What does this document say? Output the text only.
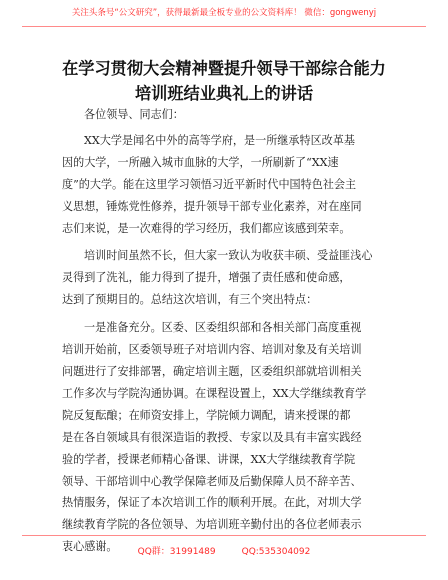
关注头条号“公文研究”，获得最新最全板专业的公文资料库！ 微信：gongwenyj
在学习贯彻大会精神暨提升领导干部综合能力
培训班结业典礼上的讲话

各位领导、同志们：

XX大学是闻名中外的高等学府，是一所继承特区改革基
因的大学，一所融入城市血脉的大学，一所刷新了“XX速
度”的大学。能在这里学习领悟习近平新时代中国特色社会主
义思想，锤炼党性修养，提升领导干部专业化素养，对在座同
志们来说，是一次难得的学习经历，我们都应该感到荣幸。

培训时间虽然不长，但大家一致认为收获丰硕、受益匪浅心
灵得到了洗礼，能力得到了提升，增强了责任感和使命感，
达到了预期目的。总结这次培训，有三个突出特点：

一是准备充分。区委、区委组织部和各相关部门高度重视
培训开始前，区委领导班子对培训内容、培训对象及有关培训
问题进行了安排部署，确定培训主题，区委组织部就培训相关
工作多次与学院沟通协调。在课程设置上，XX大学继续教育学
院反复酝酿；在师资安排上，学院倾力调配，请来授课的都
是在各自领域具有很深造诣的教授、专家以及具有丰富实践经
验的学者，授课老师精心备课、讲课，XX大学继续教育学院
领导、干部培训中心教学保障老师及后勤保障人员不辞辛苦、
热情服务，保证了本次培训工作的顺利开展。在此，对圳大学
继续教育学院的各位领导、为培训班辛勤付出的各位老师表示
衷心感谢。	QQ群：31991489	QQ:535304092
